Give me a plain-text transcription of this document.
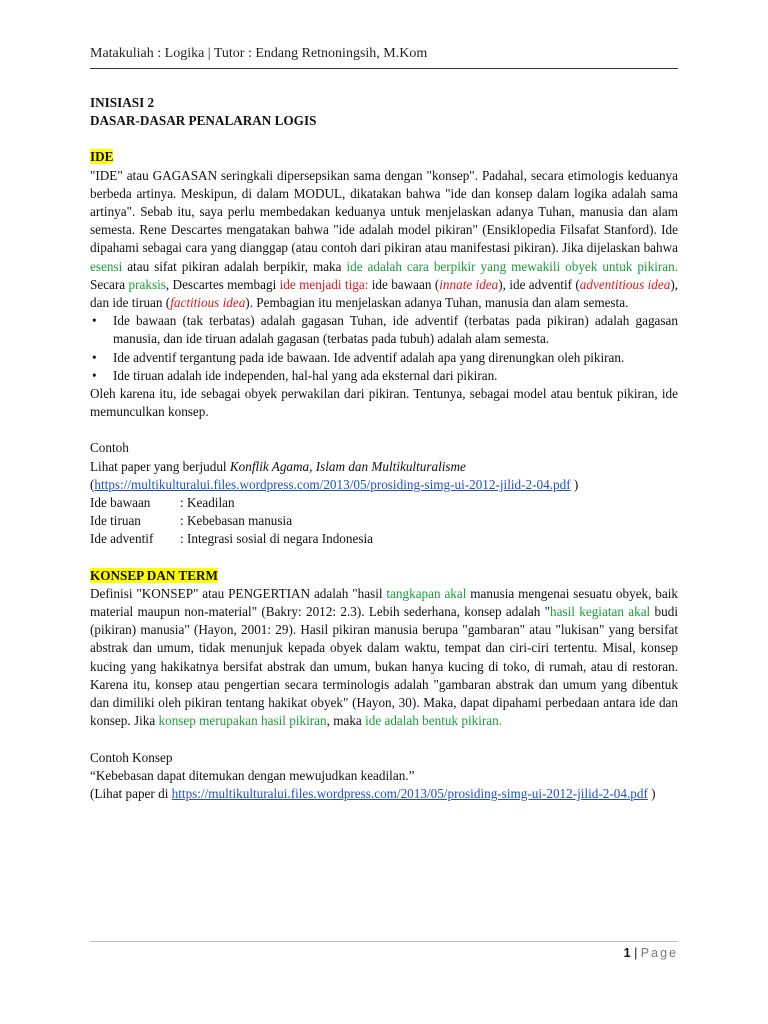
Matakuliah : Logika | Tutor : Endang Retnoningsih, M.Kom
INISIASI 2
DASAR-DASAR PENALARAN LOGIS
IDE

"IDE" atau GAGASAN seringkali dipersepsikan sama dengan "konsep". Padahal, secara etimologis keduanya berbeda artinya. Meskipun, di dalam MODUL, dikatakan bahwa "ide dan konsep dalam logika adalah sama artinya". Sebab itu, saya perlu membedakan keduanya untuk menjelaskan adanya Tuhan, manusia dan alam semesta. Rene Descartes mengatakan bahwa "ide adalah model pikiran" (Ensiklopedia Filsafat Stanford). Ide dipahami sebagai cara yang dianggap (atau contoh dari pikiran atau manifestasi pikiran). Jika dijelaskan bahwa esensi atau sifat pikiran adalah berpikir, maka ide adalah cara berpikir yang mewakili obyek untuk pikiran. Secara praksis, Descartes membagi ide menjadi tiga: ide bawaan (innate idea), ide adventif (adventitious idea), dan ide tiruan (factitious idea). Pembagian itu menjelaskan adanya Tuhan, manusia dan alam semesta.

• Ide bawaan (tak terbatas) adalah gagasan Tuhan, ide adventif (terbatas pada pikiran) adalah gagasan manusia, dan ide tiruan adalah gagasan (terbatas pada tubuh) adalah alam semesta.
• Ide adventif tergantung pada ide bawaan. Ide adventif adalah apa yang direnungkan oleh pikiran.
• Ide tiruan adalah ide independen, hal-hal yang ada eksternal dari pikiran.

Oleh karena itu, ide sebagai obyek perwakilan dari pikiran. Tentunya, sebagai model atau bentuk pikiran, ide memunculkan konsep.

Contoh
Lihat paper yang berjudul Konflik Agama, Islam dan Multikulturalisme
(https://multikulturalui.files.wordpress.com/2013/05/prosiding-simg-ui-2012-jilid-2-04.pdf )
Ide bawaan	: Keadilan
Ide tiruan	: Kebebasan manusia
Ide adventif	: Integrasi sosial di negara Indonesia
KONSEP DAN TERM

Definisi "KONSEP" atau PENGERTIAN adalah "hasil tangkapan akal manusia mengenai sesuatu obyek, baik material maupun non-material" (Bakry: 2012: 2.3). Lebih sederhana, konsep adalah "hasil kegiatan akal budi (pikiran) manusia" (Hayon, 2001: 29). Hasil pikiran manusia berupa "gambaran" atau "lukisan" yang bersifat abstrak dan umum, tidak menunjuk kepada obyek dalam waktu, tempat dan ciri-ciri tertentu. Misal, konsep kucing yang hakikatnya bersifat abstrak dan umum, bukan hanya kucing di toko, di rumah, atau di restoran. Karena itu, konsep atau pengertian secara terminologis adalah "gambaran abstrak dan umum yang dibentuk dan dimiliki oleh pikiran tentang hakikat obyek" (Hayon, 30). Maka, dapat dipahami perbedaan antara ide dan konsep. Jika konsep merupakan hasil pikiran, maka ide adalah bentuk pikiran.

Contoh Konsep
“Kebebasan dapat ditemukan dengan mewujudkan keadilan.”

(Lihat paper di https://multikulturalui.files.wordpress.com/2013/05/prosiding-simg-ui-2012-jilid-2-04.pdf )

1 | Page
